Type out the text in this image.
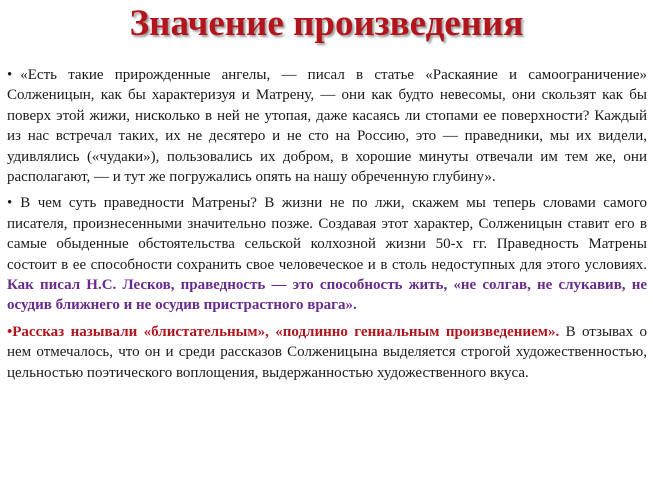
Значение произведения

• «Есть такие прирожденные ангелы, — писал в статье «Раскаяние и самоограничение» Солженицын, как бы характеризуя и Матрену, — они как будто невесомы, они скользят как бы поверх этой жижи, нисколько в ней не утопая, даже касаясь ли стопами ее поверхности? Каждый из нас встречал таких, их не десятеро и не сто на Россию, это — праведники, мы их видели, удивлялись («чудаки»), пользовались их добром, в хорошие минуты отвечали им тем же, они располагают, — и тут же погружались опять на нашу обреченную глубину».

• В чем суть праведности Матрены? В жизни не по лжи, скажем мы теперь словами самого писателя, произнесенными значительно позже. Создавая этот характер, Солженицын ставит его в самые обыденные обстоятельства сельской колхозной жизни 50-х гг. Праведность Матрены состоит в ее способности сохранить свое человеческое и в столь недоступных для этого условиях. Как писал Н.С. Лесков, праведность — это способность жить, «не солгав, не слукавив, не осудив ближнего и не осудив пристрастного врага».

•Рассказ называли «блистательным», «подлинно гениальным произведением». В отзывах о нем отмечалось, что он и среди рассказов Солженицына выделяется строгой художественностью, цельностью поэтического воплощения, выдержанностью художественного вкуса.
